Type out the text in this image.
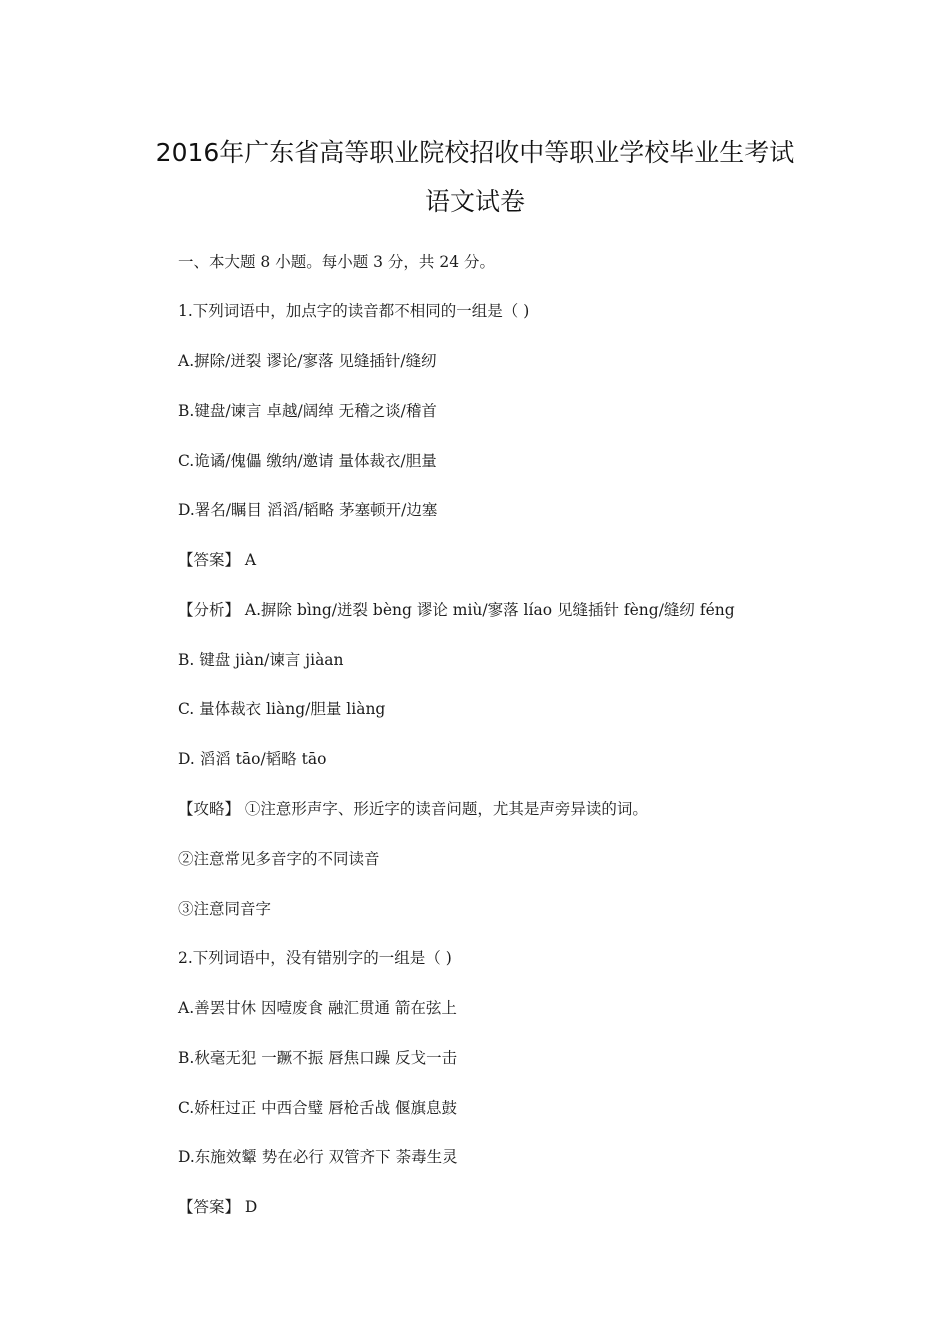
2016年广东省高等职业院校招收中等职业学校毕业生考试
语文试卷
一、本大题 8 小题。每小题 3 分，共 24 分。
1.下列词语中，加点字的读音都不相同的一组是（ )
A.摒除/迸裂 谬论/寥落 见缝插针/缝纫
B.键盘/谏言 卓越/阔绰 无稽之谈/稽首
C.诡谲/傀儡 缴纳/邀请 量体裁衣/胆量
D.署名/瞩目 滔滔/韬略 茅塞顿开/边塞
【答案】 A
【分析】 A.摒除 bìng/迸裂 bèng 谬论 miù/寥落 líao 见缝插针 fèng/缝纫 féng
B. 键盘 jiàn/谏言 jiàan
C. 量体裁衣 liàng/胆量 liàng
D. 滔滔 tāo/韬略 tāo
【攻略】 ①注意形声字、形近字的读音问题，尤其是声旁异读的词。
②注意常见多音字的不同读音
③注意同音字
2.下列词语中，没有错别字的一组是（ )
A.善罢甘休 因噎废食 融汇贯通 箭在弦上
B.秋毫无犯 一蹶不振 唇焦口躁 反戈一击
C.娇枉过正 中西合璧 唇枪舌战 偃旗息鼓
D.东施效颦 势在必行 双管齐下 荼毒生灵
【答案】 D
